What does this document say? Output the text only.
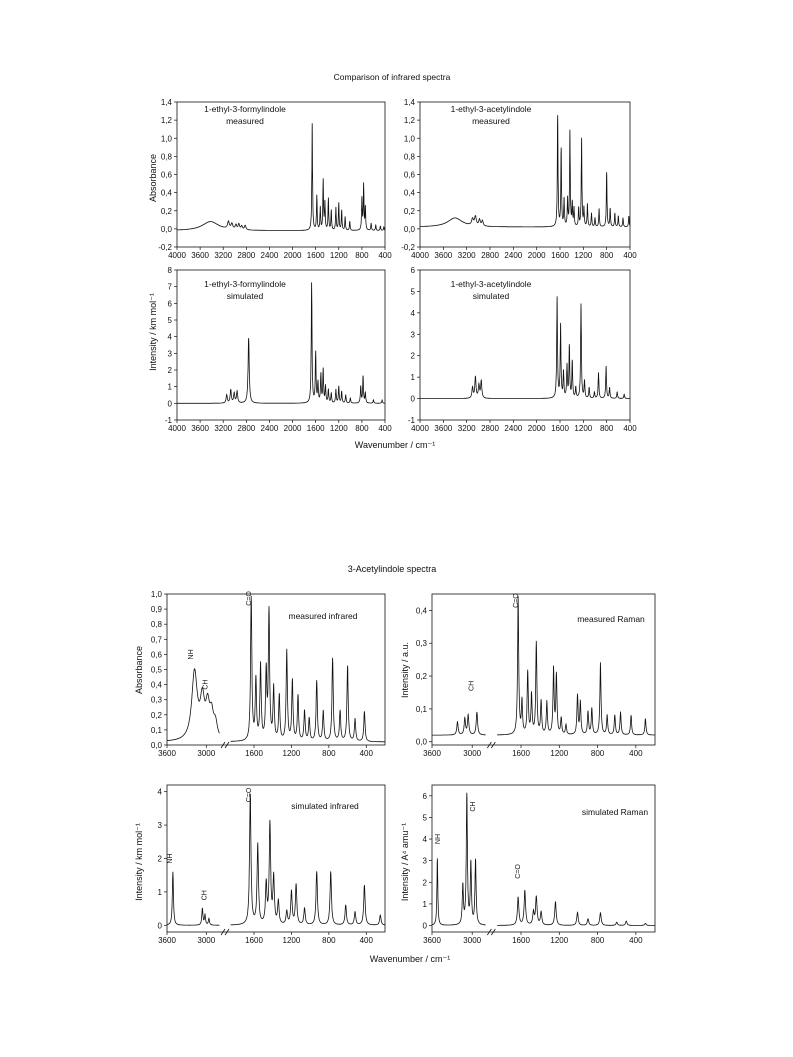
Comparison of infrared spectra
3-Acetylindole spectra
Wavenumber / cm⁻¹
Absorbance
Intensity / km mol⁻¹
Wavenumber / cm⁻¹
Absorbance	Intensity / a.u.
Intensity / km mol⁻¹	Intensity / A⁴ amu⁻¹
4000 3600 3200 2800 2400 2000 1600 1200 800 400
-0,2
0,0
0,2
0,4
0,6
0,8
1,0
1,2
1,4
1-ethyl-3-formylindole
measured
4000 3600 3200 2800 2400 2000 1600 1200 800 400
-0,2
0,0
0,2
0,4
0,6
0,8
1,0
1,2
1,4
1-ethyl-3-acetylindole
measured
4000 3600 3200 2800 2400 2000 1600 1200 800 400
-1
0
1
2
3
4
5
6
7
8
1-ethyl-3-formylindole
simulated
4000 3600 3200 2800 2400 2000 1600 1200 800 400
-1
0
1
2
3
4
5
6
1-ethyl-3-acetylindole
simulated
3600	3000	1600 1200	800	400
0,0
0,1
0,2
0,3
0,4
0,5
0,6
0,7
0,8
0,9
1,0
measured infrared
NH
CH
C=O
3600	3000	1600	1200	800	400
0,0
0,1
0,2
0,3
0,4
measured Raman
CH
C=O
3600	3000	1600 1200	800	400
0
1
2
3
4
simulated infrared
NH
CH
C=O
3600	3000	1600	1200	800	400
0
1
2
3
4
5
6
simulated Raman
NH
CH
C=O
